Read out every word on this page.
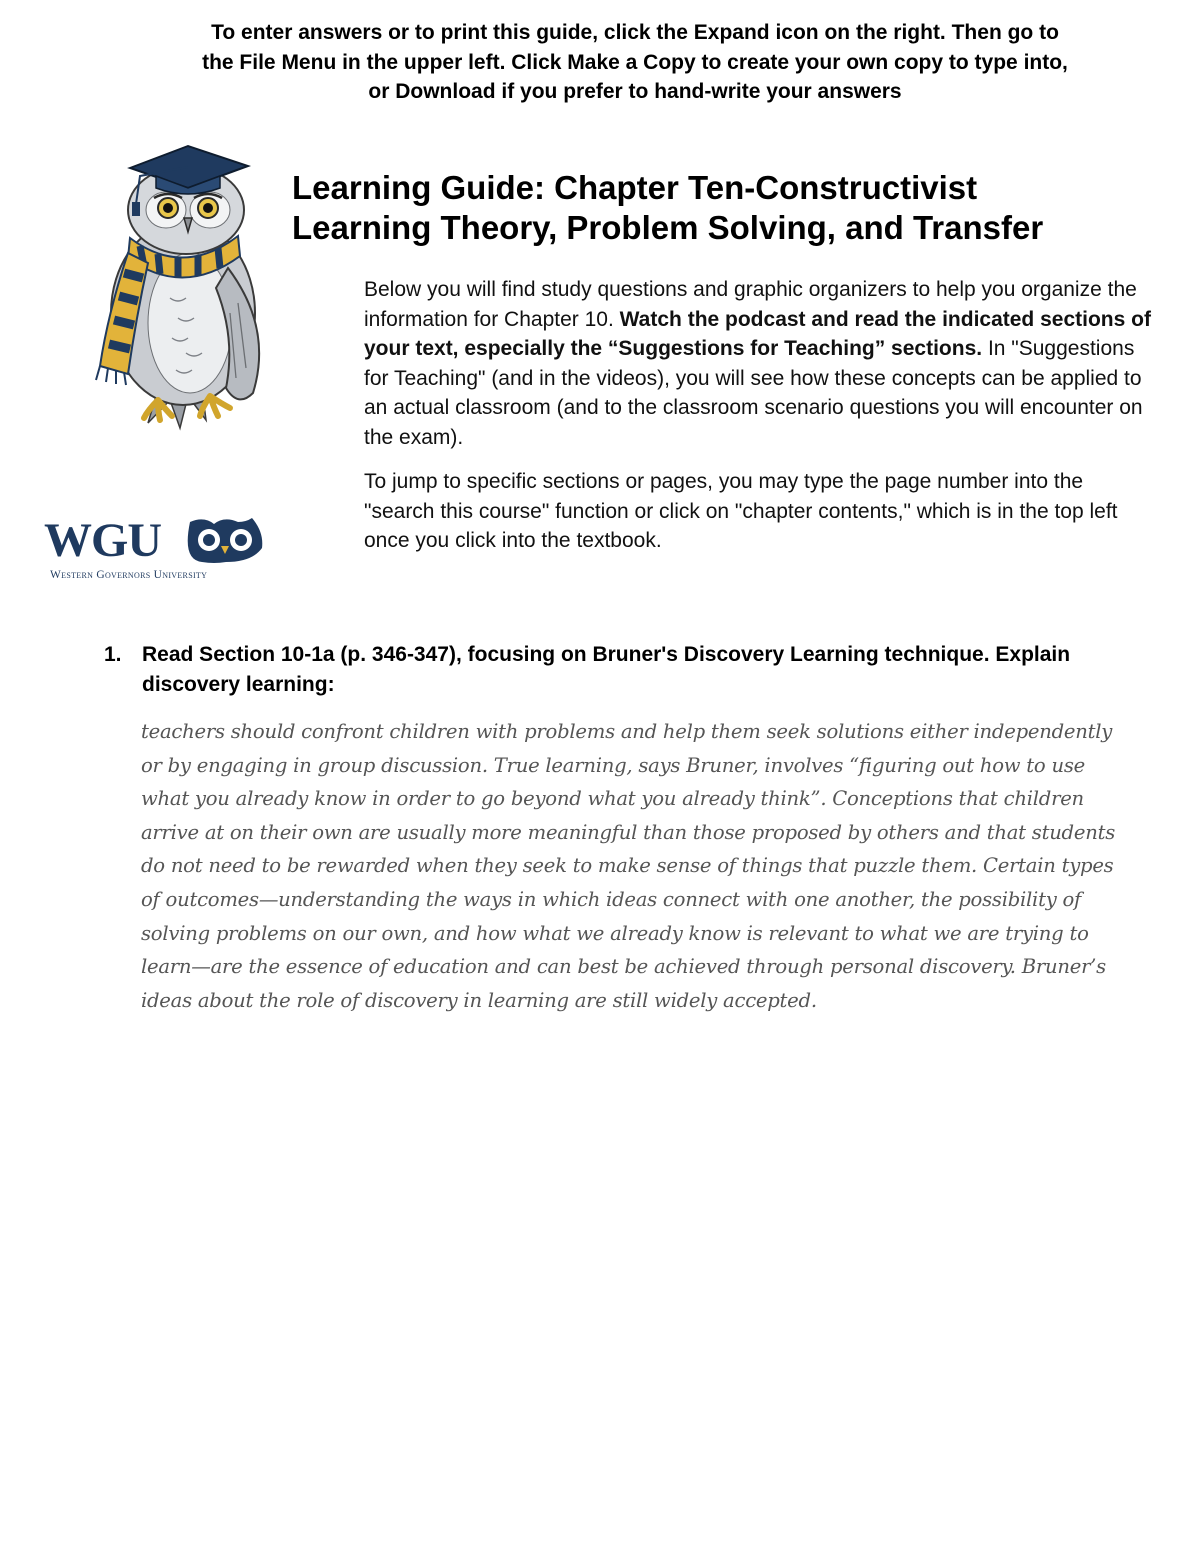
To enter answers or to print this guide, click the Expand icon on the right. Then go to
the File Menu in the upper left. Click Make a Copy to create your own copy to type into,
or Download if you prefer to hand-write your answers
WGU
Western Governors University
Learning Guide: Chapter Ten-Constructivist
Learning Theory, Problem Solving, and Transfer

Below you will find study questions and graphic organizers to help you organize the information for Chapter 10. Watch the podcast and read the indicated sections of your text, especially the “Suggestions for Teaching” sections. In "Suggestions for Teaching" (and in the videos), you will see how these concepts can be applied to an actual classroom (and to the classroom scenario questions you will encounter on the exam).

To jump to specific sections or pages, you may type the page number into the "search this course" function or click on "chapter contents," which is in the top left once you click into the textbook.

1. Read Section 10-1a (p. 346-347), focusing on Bruner's Discovery Learning technique. Explain discovery learning:
teachers should confront children with problems and help them seek solutions either independently or by engaging in group discussion. True learning, says Bruner, involves “figuring out how to use what you already know in order to go beyond what you already think”. Conceptions that children arrive at on their own are usually more meaningful than those proposed by others and that students do not need to be rewarded when they seek to make sense of things that puzzle them. Certain types of outcomes—understanding the ways in which ideas connect with one another, the possibility of solving problems on our own, and how what we already know is relevant to what we are trying to learn—are the essence of education and can best be achieved through personal discovery. Bruner’s ideas about the role of discovery in learning are still widely accepted.
